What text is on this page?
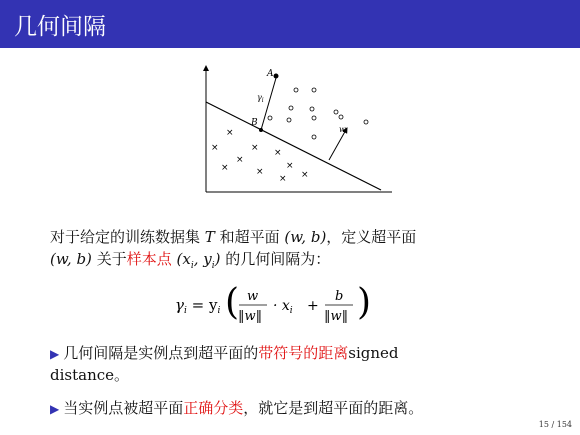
几何间隔
A
B
$\gamma_i$
w
×
×	× ×
×
×
×	×
× ×
对于给定的训练数据集 T 和超平面 (w, b)，定义超平面
(w, b) 关于样本点 ($x_i$, $y_i$) 的几何间隔为：
$\gamma_i = y_i$ ( w
‖w‖
· $x_i$ +
b
‖w‖ )
▶ 几何间隔是实例点到超平面的带符号的距离signed
distance。
▶ 当实例点被超平面正确分类，就它是到超平面的距离。
15 / 154
